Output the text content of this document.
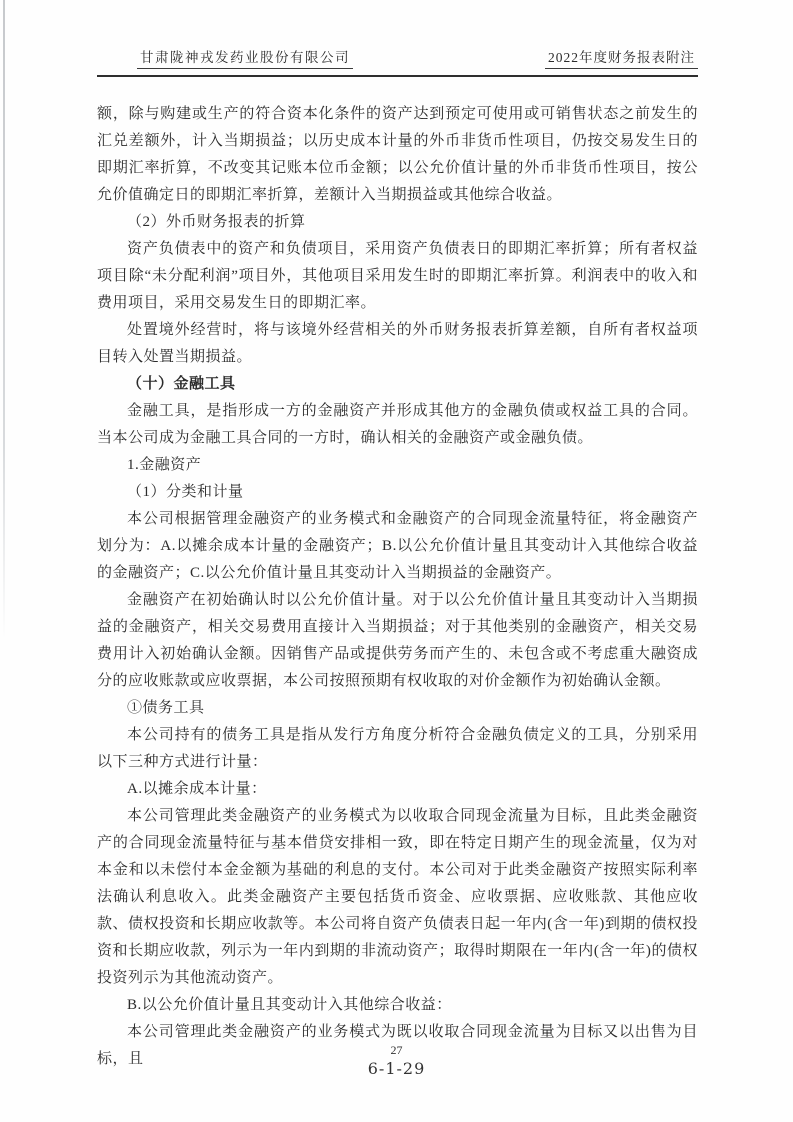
甘肃陇神戎发药业股份有限公司	2022年度财务报表附注

额，除与购建或生产的符合资本化条件的资产达到预定可使用或可销售状态之前发生的汇兑差额外，计入当期损益；以历史成本计量的外币非货币性项目，仍按交易发生日的即期汇率折算，不改变其记账本位币金额；以公允价值计量的外币非货币性项目，按公允价值确定日的即期汇率折算，差额计入当期损益或其他综合收益。

（2）外币财务报表的折算

资产负债表中的资产和负债项目，采用资产负债表日的即期汇率折算；所有者权益项目除“未分配利润”项目外，其他项目采用发生时的即期汇率折算。利润表中的收入和费用项目，采用交易发生日的即期汇率。

处置境外经营时，将与该境外经营相关的外币财务报表折算差额，自所有者权益项目转入处置当期损益。

（十）金融工具

金融工具，是指形成一方的金融资产并形成其他方的金融负债或权益工具的合同。当本公司成为金融工具合同的一方时，确认相关的金融资产或金融负债。

1.金融资产

（1）分类和计量

本公司根据管理金融资产的业务模式和金融资产的合同现金流量特征，将金融资产划分为：A.以摊余成本计量的金融资产；B.以公允价值计量且其变动计入其他综合收益的金融资产；C.以公允价值计量且其变动计入当期损益的金融资产。

金融资产在初始确认时以公允价值计量。对于以公允价值计量且其变动计入当期损益的金融资产，相关交易费用直接计入当期损益；对于其他类别的金融资产，相关交易费用计入初始确认金额。因销售产品或提供劳务而产生的、未包含或不考虑重大融资成分的应收账款或应收票据，本公司按照预期有权收取的对价金额作为初始确认金额。

①债务工具

本公司持有的债务工具是指从发行方角度分析符合金融负债定义的工具，分别采用以下三种方式进行计量：

A.以摊余成本计量：

本公司管理此类金融资产的业务模式为以收取合同现金流量为目标，且此类金融资产的合同现金流量特征与基本借贷安排相一致，即在特定日期产生的现金流量，仅为对本金和以未偿付本金金额为基础的利息的支付。本公司对于此类金融资产按照实际利率法确认利息收入。此类金融资产主要包括货币资金、应收票据、应收账款、其他应收款、债权投资和长期应收款等。本公司将自资产负债表日起一年内(含一年)到期的债权投资和长期应收款，列示为一年内到期的非流动资产；取得时期限在一年内(含一年)的债权投资列示为其他流动资产。

B.以公允价值计量且其变动计入其他综合收益：

本公司管理此类金融资产的业务模式为既以收取合同现金流量为目标又以出售为目标，且

27
6-1-29
